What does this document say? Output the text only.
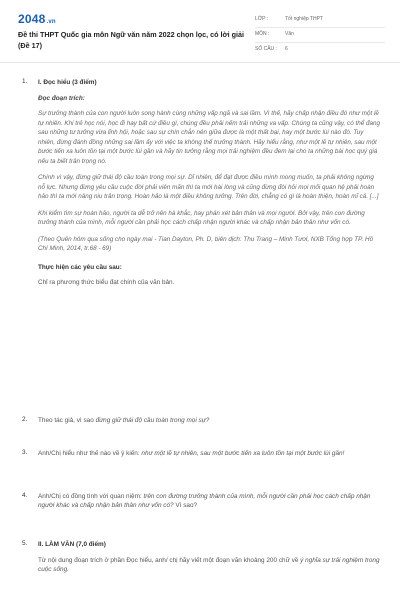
2048.vn
Đề thi THPT Quốc gia môn Ngữ văn năm 2022 chọn lọc, có lời giải (Đề 17)
LỚP :	Tốt nghiệp THPT
MÔN :	Văn
SỐ CÂU : 6
1. I. Đọc hiểu (3 điểm)
Đọc đoạn trích:
Sự trưởng thành của con người luôn song hành cùng những vấp ngã và sai lầm. Vì thế, hãy chấp nhận điều đó như một lẽ tự nhiên. Khi trẻ học nói, học đi hay bất cứ điều gì, chúng đều phải nếm trải những va vấp. Chúng ta cũng vậy, có thể đang sau những tư tưởng vừa lĩnh hội, hoặc sau sự chín chắn nên giữa được là một thất bại, hay một bước lùi nào đó. Tuy nhiên, đừng đánh đồng những sai lầm ấy với việc ta không thể trưởng thành. Hãy hiểu rằng, như một lẽ tự nhiên, sau một bước tiến xa luôn tồn tại một bước lùi gần và hãy tin tưởng rằng mọi trải nghiệm đều đem lại cho ta những bài học quý giá nếu ta biết trân trọng nó.
Chính vì vậy, đừng giữ thái độ cầu toàn trong mọi sự. Dĩ nhiên, để đạt được điều mình mong muốn, ta phải không ngừng nỗ lực. Nhưng đừng yêu cầu cuộc đời phải viên mãn thì ta mới hài lòng và cũng đừng đòi hỏi mọi mối quan hệ phải hoàn hảo thì ta mới nâng niu trân trọng. Hoàn hảo là một điều không tưởng. Trên đời, chẳng có gì là hoàn thiện, hoàn mĩ cả. [...]
Khi kiểm tìm sự hoàn hảo, người ta dễ trở nên hà khắc, hay phán xét bản thân và mọi người. Bởi vậy, trên con đường trưởng thành của mình, mỗi người cần phải học cách chấp nhận người khác và chấp nhận bản thân như vốn có.
(Theo Quên hôm qua sống cho ngày mai - Tian Dayton, Ph. D, biên dịch: Thu Trang – Minh Tươi, NXB Tổng hợp TP. Hồ Chí Minh, 2014, tr.68 - 69)
Thực hiện các yêu cầu sau:
Chỉ ra phương thức biểu đạt chính của văn bản.
2. Theo tác giả, vì sao đừng giữ thái độ cầu toàn trong mọi sự?
3. Anh/Chị hiểu như thế nào về ý kiến: như một lẽ tự nhiên, sau một bước tiến xa luôn tồn tại một bước lùi gần!
4. Anh/Chị có đồng tình với quan niệm: trên con đường trưởng thành của mình, mỗi người cần phải học cách chấp nhận người khác và chấp nhận bản thân như vốn có? Vì sao?
5. II. LÀM VĂN (7,0 điểm)
Từ nội dung đoạn trích ở phần Đọc hiểu, anh/ chị hãy viết một đoạn văn khoảng 200 chữ về ý nghĩa sự trải nghiệm trong cuộc sống.
